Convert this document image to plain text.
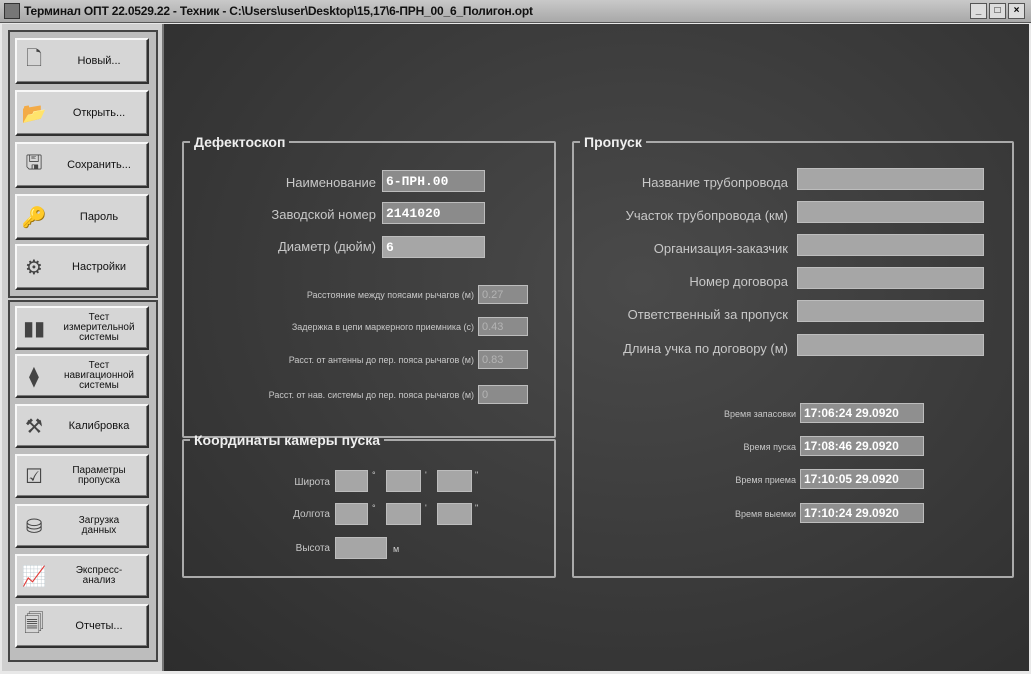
Терминал ОПТ 22.0529.22 - Техник - C:\Users\user\Desktop\15,17\6-ПРН_00_6_Полигон.opt	_	□	×
🗋	Новый...
📂	Открыть...
🖫	Сохранить...
🔑	Пароль
⚙	Настройки
▮▮	Тест
измерительной
системы
⧫	Тест
навигационной
системы
⚒	Калибровка
☑	Параметры
пропуска
⛁	Загрузка
данных
📈	Экспресс-
анализ
🗐	Отчеты...
Дефектоскоп
Наименование 6-ПРН.00
Заводской номер 2141020
Диаметр (дюйм) 6
Расстояние между поясами рычагов (м) 0.27
Задержка в цепи маркерного приемника (с) 0.43
Расст. от антенны до пер. пояса рычагов (м) 0.83
Расст. от нав. системы до пер. пояса рычагов (м) 0
Координаты камеры пуска
Широта
°	'	"
Долгота
°	'	"
Высота	м
Пропуск
Название трубопровода
Участок трубопровода (км)
Организация-заказчик
Номер договора
Ответственный за пропуск
Длина учка по договору (м)
Время запасовки 17:06:24 29.0920
Время пуска 17:08:46 29.0920
Время приема 17:10:05 29.0920
Время выемки 17:10:24 29.0920
